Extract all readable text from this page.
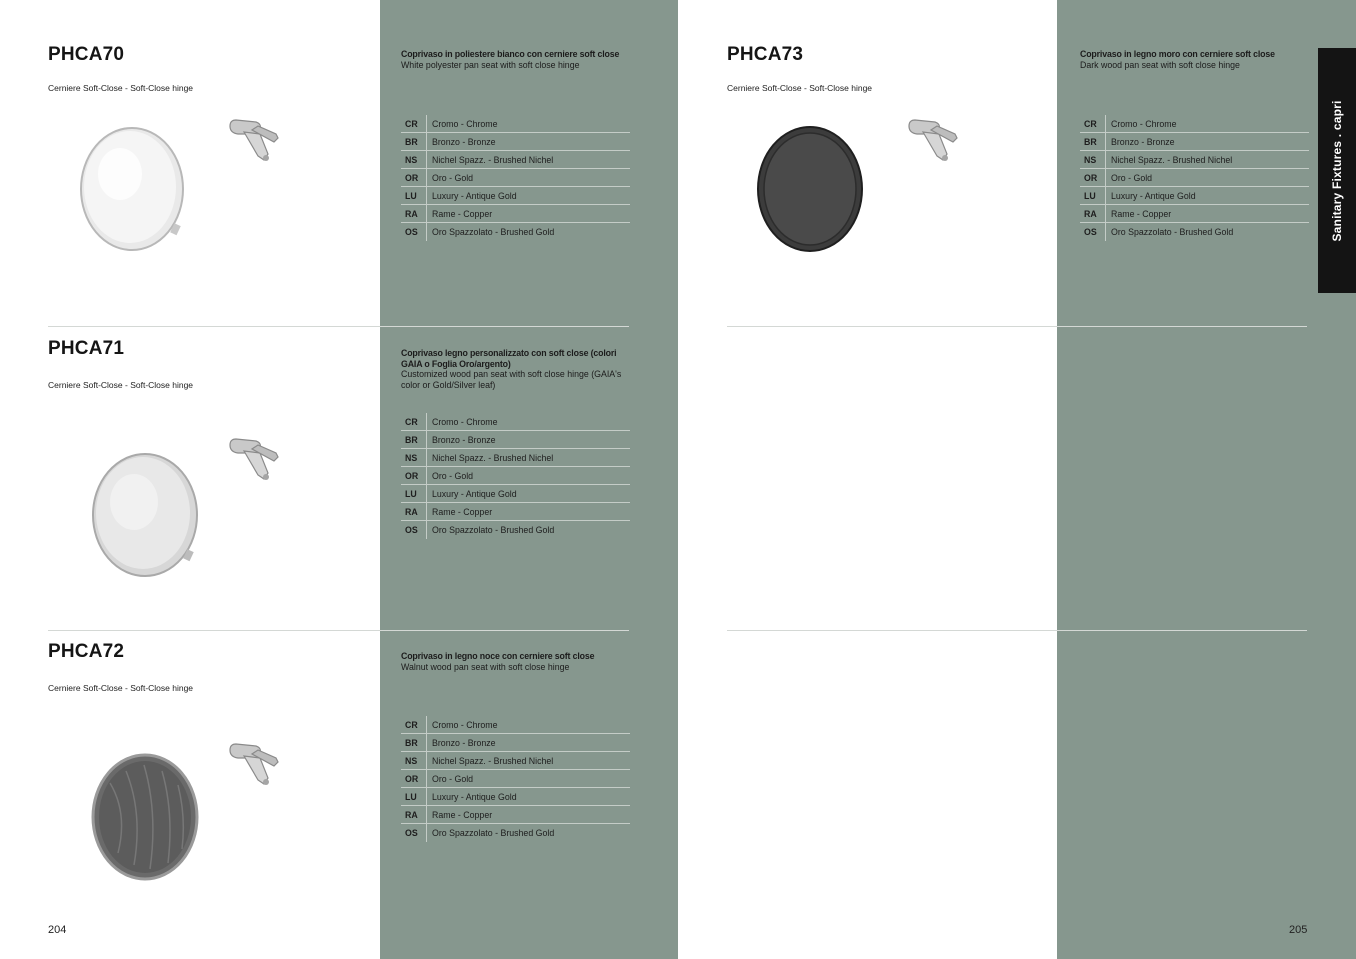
PHCA70
Cerniere Soft-Close - Soft-Close hinge
Coprivaso in poliestere bianco con cerniere soft close
White polyester pan seat with soft close hinge
CR	Cromo - Chrome
BR	Bronzo - Bronze
NS	Nichel Spazz. - Brushed Nichel
OR	Oro - Gold
LU	Luxury - Antique Gold
RA	Rame - Copper
OS	Oro Spazzolato - Brushed Gold
PHCA71
Cerniere Soft-Close - Soft-Close hinge
Coprivaso legno personalizzato con soft close (colori GAIA o Foglia Oro/argento)
Customized wood pan seat with soft close hinge (GAIA's color or Gold/Silver leaf)
CR	Cromo - Chrome
BR	Bronzo - Bronze
NS	Nichel Spazz. - Brushed Nichel
OR	Oro - Gold
LU	Luxury - Antique Gold
RA	Rame - Copper
OS	Oro Spazzolato - Brushed Gold
PHCA72
Cerniere Soft-Close - Soft-Close hinge
Coprivaso in legno noce con cerniere soft close
Walnut wood pan seat with soft close hinge
CR	Cromo - Chrome
BR	Bronzo - Bronze
NS	Nichel Spazz. - Brushed Nichel
OR	Oro - Gold
LU	Luxury - Antique Gold
RA	Rame - Copper
OS	Oro Spazzolato - Brushed Gold
PHCA73
Cerniere Soft-Close - Soft-Close hinge
Coprivaso in legno moro con cerniere soft close
Dark wood pan seat with soft close hinge
CR	Cromo - Chrome
BR	Bronzo - Bronze
NS	Nichel Spazz. - Brushed Nichel
OR	Oro - Gold
LU	Luxury - Antique Gold
RA	Rame - Copper
OS	Oro Spazzolato - Brushed Gold	Sanitary Fixtures . capri
204	205
